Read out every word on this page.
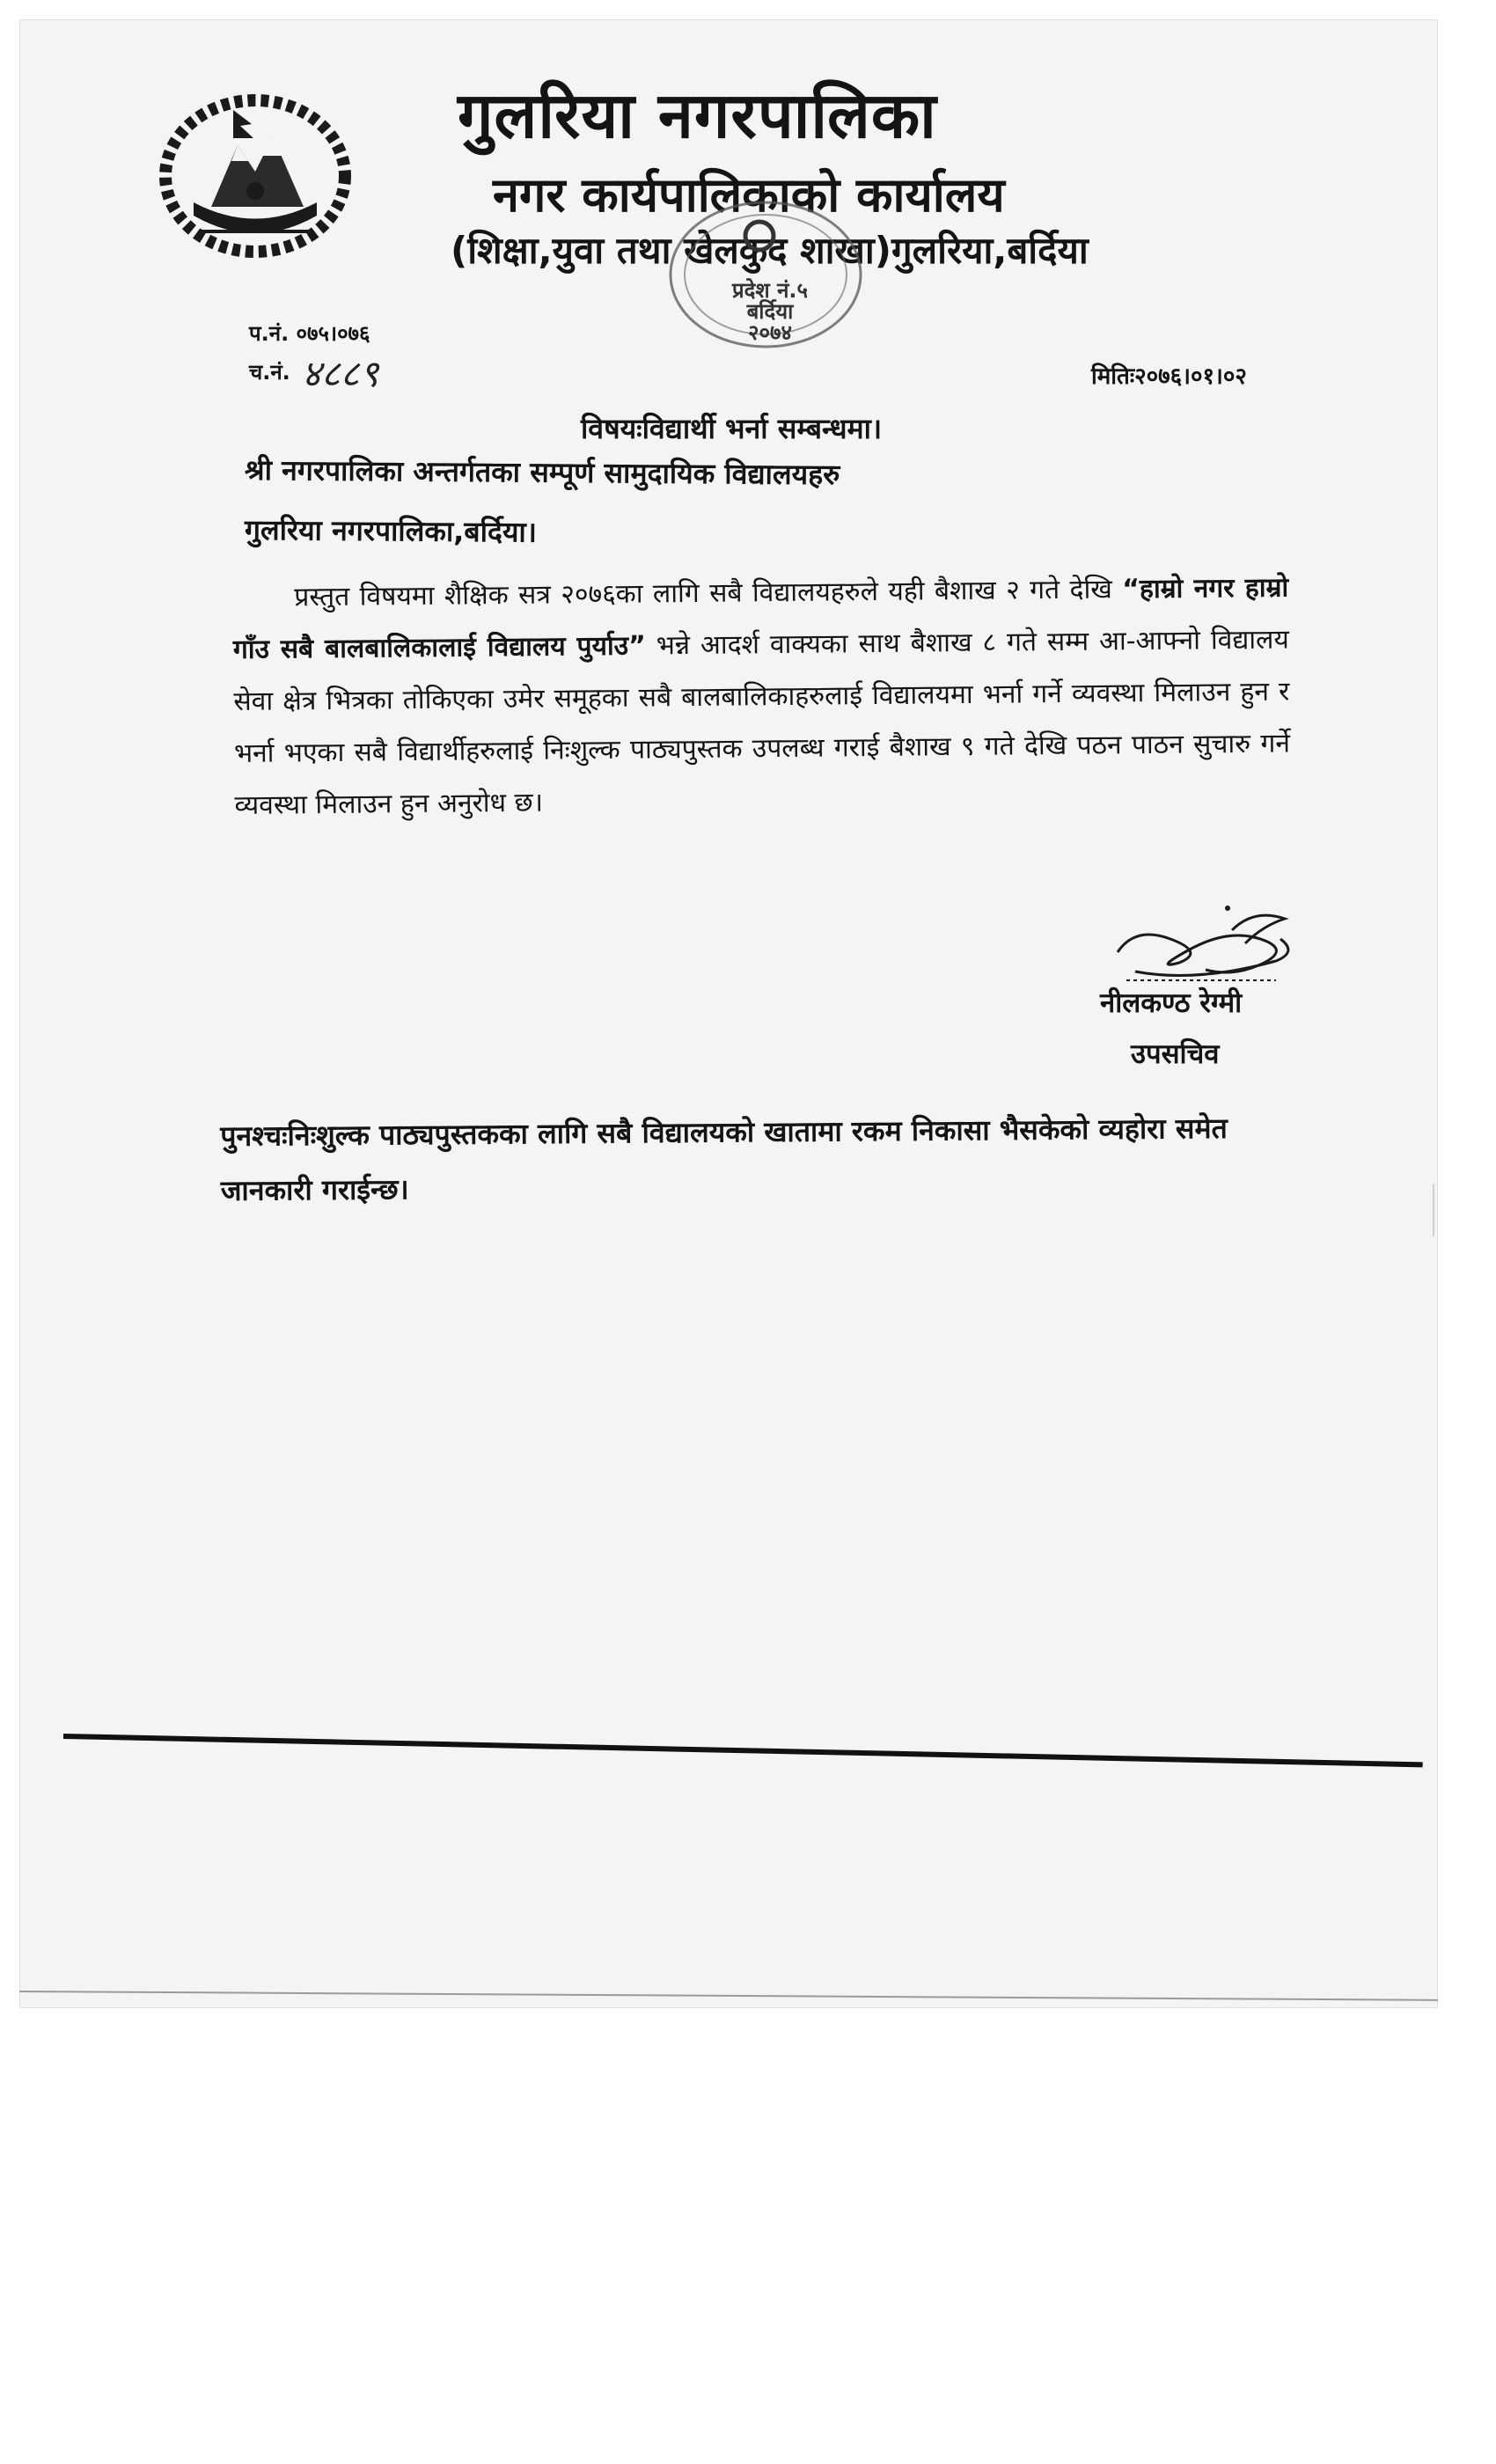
गुलरिया नगरपालिका
नगर कार्यपालिकाको कार्यालय
(शिक्षा,युवा तथा खेलकुद शाखा)गुलरिया,बर्दिया
प्रदेश नं.५
बर्दिया
२०७४
प.नं. ०७५।०७६
च.नं. ४८८९	मितिः२०७६।०१।०२
विषयःविद्यार्थी भर्ना सम्बन्धमा।
श्री नगरपालिका अन्तर्गतका सम्पूर्ण सामुदायिक विद्यालयहरु
गुलरिया नगरपालिका,बर्दिया।
प्रस्तुत विषयमा शैक्षिक सत्र २०७६का लागि सबै विद्यालयहरुले यही बैशाख २ गते देखि “हाम्रो नगर हाम्रो गाँउ सबै बालबालिकालाई विद्यालय पुर्याउ” भन्ने आदर्श वाक्यका साथ बैशाख ८ गते सम्म आ-आफ्नो विद्यालय सेवा क्षेत्र भित्रका तोकिएका उमेर समूहका सबै बालबालिकाहरुलाई विद्यालयमा भर्ना गर्ने व्यवस्था मिलाउन हुन र भर्ना भएका सबै विद्यार्थीहरुलाई निःशुल्क पाठ्यपुस्तक उपलब्ध गराई बैशाख ९ गते देखि पठन पाठन सुचारु गर्ने व्यवस्था मिलाउन हुन अनुरोध छ।
नीलकण्ठ रेग्मी
उपसचिव
पुनश्चःनिःशुल्क पाठ्यपुस्तकका लागि सबै विद्यालयको खातामा रकम निकासा भैसकेको व्यहोरा समेत जानकारी गराईन्छ।
